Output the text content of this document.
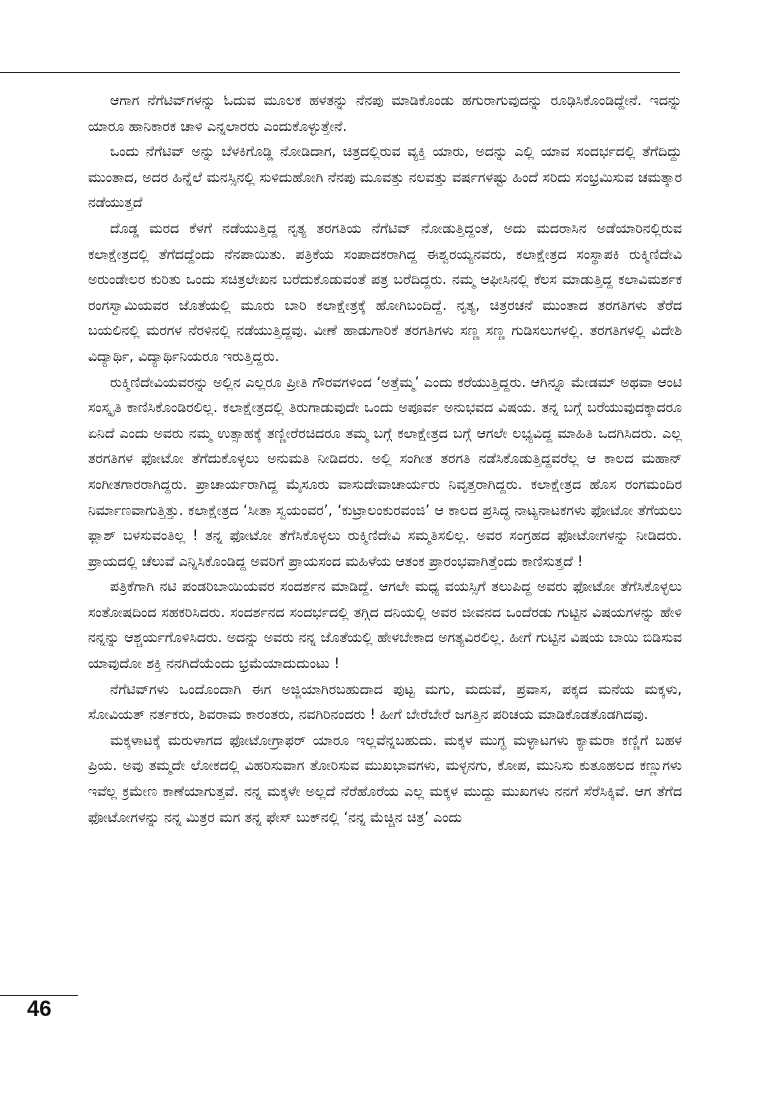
ಆಗಾಗ ನೆಗೆಟಿವ್‌ಗಳನ್ನು ಓದುವ ಮೂಲಕ ಹಳತನ್ನು ನೆನಪು ಮಾಡಿಕೊಂಡು ಹಗುರಾಗುವುದನ್ನು ರೂಢಿಸಿಕೊಂಡಿದ್ದೇನೆ. ಇದನ್ನು ಯಾರೂ ಹಾನಿಕಾರಕ ಚಾಳಿ ಎನ್ನಲಾರರು ಎಂದುಕೊಳ್ಳುತ್ತೇನೆ.

ಒಂದು ನೆಗೆಟಿವ್ ಅನ್ನು ಬೆಳಕಿಗೊಡ್ಡಿ ನೋಡಿದಾಗ, ಚಿತ್ರದಲ್ಲಿರುವ ವ್ಯಕ್ತಿ ಯಾರು, ಅದನ್ನು ಎಲ್ಲಿ ಯಾವ ಸಂದರ್ಭದಲ್ಲಿ ತೆಗೆದಿದ್ದು ಮುಂತಾದ, ಅದರ ಹಿನ್ನೆಲೆ ಮನಸ್ಸಿನಲ್ಲಿ ಸುಳಿದುಹೋಗಿ ನೆನಪು ಮೂವತ್ತು ನಲವತ್ತು ವರ್ಷಗಳಷ್ಟು ಹಿಂದೆ ಸರಿದು ಸಂಭ್ರಮಿಸುವ ಚಮತ್ಕಾರ ನಡೆಯುತ್ತದೆ

ದೊಡ್ಡ ಮರದ ಕೆಳಗೆ ನಡೆಯುತ್ತಿದ್ದ ನೃತ್ಯ ತರಗತಿಯ ನೆಗೆಟಿವ್ ನೋಡುತ್ತಿದ್ದಂತೆ, ಅದು ಮದರಾಸಿನ ಅಡೆಯಾರಿನಲ್ಲಿರುವ ಕಲಾಕ್ಷೇತ್ರದಲ್ಲಿ ತೆಗೆದದ್ದೆಂದು ನೆನಪಾಯಿತು. ಪತ್ರಿಕೆಯ ಸಂಪಾದಕರಾಗಿದ್ದ ಈಶ್ವರಯ್ಯನವರು, ಕಲಾಕ್ಷೇತ್ರದ ಸಂಸ್ಥಾಪಕಿ ರುಕ್ಮಿಣಿದೇವಿ ಅರುಂಡೇಲರ ಕುರಿತು ಒಂದು ಸಚಿತ್ರಲೇಖನ ಬರೆದುಕೊಡುವಂತೆ ಪತ್ರ ಬರೆದಿದ್ದರು. ನಮ್ಮ ಆಫೀಸಿನಲ್ಲಿ ಕೆಲಸ ಮಾಡುತ್ತಿದ್ದ ಕಲಾವಿಮರ್ಶಕ ರಂಗಸ್ವಾಮಿಯವರ ಜೊತೆಯಲ್ಲಿ ಮೂರು ಬಾರಿ ಕಲಾಕ್ಷೇತ್ರಕ್ಕೆ ಹೋಗಿಬಂದಿದ್ದೆ. ನೃತ್ಯ, ಚಿತ್ರರಚನೆ ಮುಂತಾದ ತರಗತಿಗಳು ತೆರೆದ ಬಯಲಿನಲ್ಲಿ ಮರಗಳ ನೆರಳಿನಲ್ಲಿ ನಡೆಯುತ್ತಿದ್ದವು. ವೀಣೆ ಹಾಡುಗಾರಿಕೆ ತರಗತಿಗಳು ಸಣ್ಣ ಸಣ್ಣ ಗುಡಿಸಲುಗಳಲ್ಲಿ. ತರಗತಿಗಳಲ್ಲಿ ವಿದೇಶಿ ವಿದ್ಯಾರ್ಥಿ, ವಿದ್ಯಾರ್ಥಿನಿಯರೂ ಇರುತ್ತಿದ್ದರು.

ರುಕ್ಮಿಣಿದೇವಿಯವರನ್ನು ಅಲ್ಲಿನ ಎಲ್ಲರೂ ಪ್ರೀತಿ ಗೌರವಗಳಿಂದ ‘ಅತ್ತೆಮ್ಮ’ ಎಂದು ಕರೆಯುತ್ತಿದ್ದರು. ಆಗಿನ್ನೂ ಮೇಡಮ್ ಅಥವಾ ಆಂಟಿ ಸಂಸ್ಕೃತಿ ಕಾಣಿಸಿಕೊಂಡಿರಲಿಲ್ಲ. ಕಲಾಕ್ಷೇತ್ರದಲ್ಲಿ ತಿರುಗಾಡುವುದೇ ಒಂದು ಅಪೂರ್ವ ಅನುಭವದ ವಿಷಯ. ತನ್ನ ಬಗ್ಗೆ ಬರೆಯುವುದಕ್ಕಾದರೂ ಏನಿದೆ ಎಂದು ಅವರು ನಮ್ಮ ಉತ್ಸಾಹಕ್ಕೆ ತಣ್ಣೀರೆರಚಿದರೂ ತಮ್ಮ ಬಗ್ಗೆ ಕಲಾಕ್ಷೇತ್ರದ ಬಗ್ಗೆ ಆಗಲೇ ಲಭ್ಯವಿದ್ದ ಮಾಹಿತಿ ಒದಗಿಸಿದರು. ಎಲ್ಲ ತರಗತಿಗಳ ಫೋಟೋ ತೆಗೆದುಕೊಳ್ಳಲು ಅನುಮತಿ ನೀಡಿದರು. ಅಲ್ಲಿ ಸಂಗೀತ ತರಗತಿ ನಡೆಸಿಕೊಡುತ್ತಿದ್ದವರೆಲ್ಲ ಆ ಕಾಲದ ಮಹಾನ್ ಸಂಗೀತಗಾರರಾಗಿದ್ದರು. ಪ್ರಾಚಾರ್ಯರಾಗಿದ್ದ ಮೈಸೂರು ವಾಸುದೇವಾಚಾರ್ಯರು ನಿವೃತ್ತರಾಗಿದ್ದರು. ಕಲಾಕ್ಷೇತ್ರದ ಹೊಸ ರಂಗಮಂದಿರ ನಿರ್ಮಾಣವಾಗುತ್ತಿತ್ತು. ಕಲಾಕ್ಷೇತ್ರದ ‘ಸೀತಾ ಸ್ವಯಂವರ’, ‘ಕುಟ್ರಾಲಂಕುರವಂಜಿ’ ಆ ಕಾಲದ ಪ್ರಸಿದ್ಧ ನಾಟ್ಯನಾಟಕಗಳು ಫೋಟೋ ತೆಗೆಯಲು ಫ್ಲಾಶ್ ಬಳಸುವಂತಿಲ್ಲ ! ತನ್ನ ಫೋಟೋ ತೆಗೆಸಿಕೊಳ್ಳಲು ರುಕ್ಮಿಣಿದೇವಿ ಸಮ್ಮತಿಸಲಿಲ್ಲ. ಅವರ ಸಂಗ್ರಹದ ಫೋಟೋಗಳನ್ನು ನೀಡಿದರು. ಪ್ರಾಯದಲ್ಲಿ ಚೆಲುವೆ ಎನ್ನಿಸಿಕೊಂಡಿದ್ದ ಅವರಿಗೆ ಪ್ರಾಯಸಂದ ಮಹಿಳೆಯ ಆತಂಕ ಪ್ರಾರಂಭವಾಗಿತ್ತೆಂದು ಕಾಣಿಸುತ್ತದೆ !

ಪತ್ರಿಕೆಗಾಗಿ ನಟಿ ಪಂಡರಿಬಾಯಿಯವರ ಸಂದರ್ಶನ ಮಾಡಿದ್ದೆ. ಆಗಲೇ ಮಧ್ಯ ವಯಸ್ಸಿಗೆ ತಲುಪಿದ್ದ ಅವರು ಫೋಟೋ ತೆಗೆಸಿಕೊಳ್ಳಲು ಸಂತೋಷದಿಂದ ಸಹಕರಿಸಿದರು. ಸಂದರ್ಶನದ ಸಂದರ್ಭದಲ್ಲಿ ತಗ್ಗಿದ ದನಿಯಲ್ಲಿ ಅವರ ಜೀವನದ ಒಂದೆರಡು ಗುಟ್ಟಿನ ವಿಷಯಗಳನ್ನು ಹೇಳಿ ನನ್ನನ್ನು ಆಶ್ಚರ್ಯಗೊಳಿಸಿದರು. ಅದನ್ನು ಅವರು ನನ್ನ ಜೊತೆಯಲ್ಲಿ ಹೇಳಬೇಕಾದ ಅಗತ್ಯವಿರಲಿಲ್ಲ. ಹೀಗೆ ಗುಟ್ಟಿನ ವಿಷಯ ಬಾಯಿ ಬಿಡಿಸುವ ಯಾವುದೋ ಶಕ್ತಿ ನನಗಿದೆಯೆಂದು ಭ್ರಮೆಯಾದುದುಂಟು !

ನೆಗೆಟಿವ್‌ಗಳು ಒಂದೊಂದಾಗಿ ಈಗ ಅಜ್ಜಿಯಾಗಿರಬಹುದಾದ ಪುಟ್ಟ ಮಗು, ಮದುವೆ, ಪ್ರವಾಸ, ಪಕ್ಕದ ಮನೆಯ ಮಕ್ಕಳು, ಸೋವಿಯತ್ ನರ್ತಕರು, ಶಿವರಾಮ ಕಾರಂತರು, ನವಗಿರಿನಂದರು ! ಹೀಗೆ ಬೇರೆಬೇರೆ ಜಗತ್ತಿನ ಪರಿಚಯ ಮಾಡಿಕೊಡತೊಡಗಿದವು.

ಮಕ್ಕಳಾಟಕ್ಕೆ ಮರುಳಾಗದ ಫೋಟೋಗ್ರಾಫರ್ ಯಾರೂ ಇಲ್ಲವೆನ್ನಬಹುದು. ಮಕ್ಕಳ ಮುಗ್ಧ ಮಳ್ಳಾಟಗಳು ಕ್ಯಾಮರಾ ಕಣ್ಣಿಗೆ ಬಹಳ ಪ್ರಿಯ. ಅವು ತಮ್ಮದೇ ಲೋಕದಲ್ಲಿ ವಿಹರಿಸುವಾಗ ತೋರಿಸುವ ಮುಖಭಾವಗಳು, ಮಳ್ಳನಗು, ಕೋಪ, ಮುನಿಸು ಕುತೂಹಲದ ಕಣ್ಣುಗಳು ಇವೆಲ್ಲ ಕ್ರಮೇಣ ಕಾಣೆಯಾಗುತ್ತವೆ. ನನ್ನ ಮಕ್ಕಳೇ ಅಲ್ಲದೆ ನೆರೆಹೊರೆಯ ಎಲ್ಲ ಮಕ್ಕಳ ಮುದ್ದು ಮುಖಗಳು ನನಗೆ ಸೆರೆಸಿಕ್ಕಿವೆ. ಆಗ ತೆಗೆದ ಫೋಟೋಗಳನ್ನು ನನ್ನ ಮಿತ್ರರ ಮಗ ತನ್ನ ಫೇಸ್ ಬುಕ್‌ನಲ್ಲಿ ‘ನನ್ನ ಮೆಚ್ಚಿನ ಚಿತ್ರ’ ಎಂದು

46
